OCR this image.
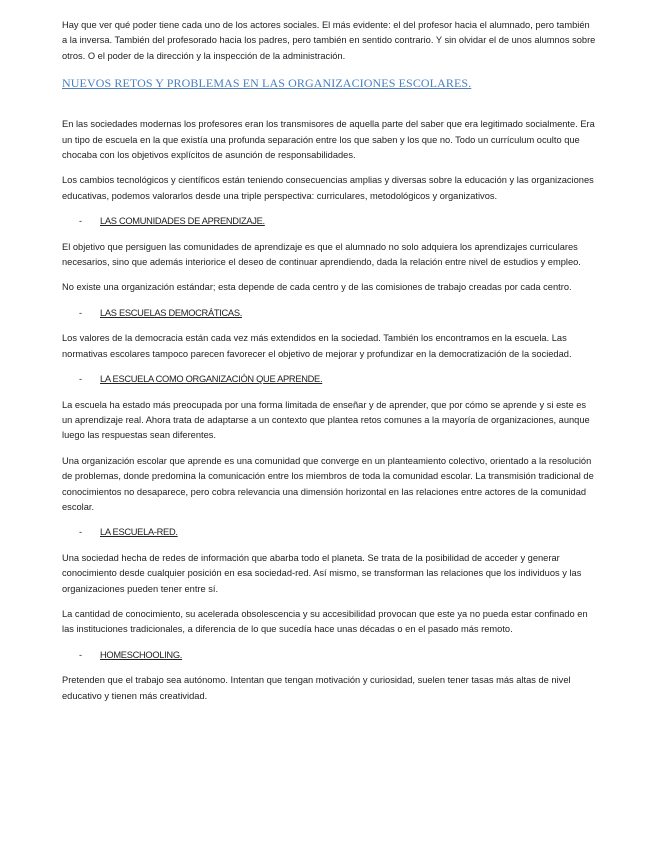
Hay que ver qué poder tiene cada uno de los actores sociales. El más evidente: el del profesor hacia el alumnado, pero también a la inversa. También del profesorado hacia los padres, pero también en sentido contrario. Y sin olvidar el de unos alumnos sobre otros. O el poder de la dirección y la inspección de la administración.

NUEVOS RETOS Y PROBLEMAS EN LAS ORGANIZACIONES ESCOLARES.

En las sociedades modernas los profesores eran los transmisores de aquella parte del saber que era legitimado socialmente. Era un tipo de escuela en la que existía una profunda separación entre los que saben y los que no. Todo un currículum oculto que chocaba con los objetivos explícitos de asunción de responsabilidades.

Los cambios tecnológicos y científicos están teniendo consecuencias amplias y diversas sobre la educación y las organizaciones educativas, podemos valorarlos desde una triple perspectiva: curriculares, metodológicos y organizativos.

-	LAS COMUNIDADES DE APRENDIZAJE.

El objetivo que persiguen las comunidades de aprendizaje es que el alumnado no solo adquiera los aprendizajes curriculares necesarios, sino que además interiorice el deseo de continuar aprendiendo, dada la relación entre nivel de estudios y empleo.

No existe una organización estándar; esta depende de cada centro y de las comisiones de trabajo creadas por cada centro.

-	LAS ESCUELAS DEMOCRÁTICAS.

Los valores de la democracia están cada vez más extendidos en la sociedad. También los encontramos en la escuela. Las normativas escolares tampoco parecen favorecer el objetivo de mejorar y profundizar en la democratización de la sociedad.

-	LA ESCUELA COMO ORGANIZACIÓN QUE APRENDE.

La escuela ha estado más preocupada por una forma limitada de enseñar y de aprender, que por cómo se aprende y si este es un aprendizaje real. Ahora trata de adaptarse a un contexto que plantea retos comunes a la mayoría de organizaciones, aunque luego las respuestas sean diferentes.

Una organización escolar que aprende es una comunidad que converge en un planteamiento colectivo, orientado a la resolución de problemas, donde predomina la comunicación entre los miembros de toda la comunidad escolar. La transmisión tradicional de conocimientos no desaparece, pero cobra relevancia una dimensión horizontal en las relaciones entre actores de la comunidad escolar.

-	LA ESCUELA-RED.

Una sociedad hecha de redes de información que abarba todo el planeta. Se trata de la posibilidad de acceder y generar conocimiento desde cualquier posición en esa sociedad-red. Así mismo, se transforman las relaciones que los individuos y las organizaciones pueden tener entre sí.

La cantidad de conocimiento, su acelerada obsolescencia y su accesibilidad provocan que este ya no pueda estar confinado en las instituciones tradicionales, a diferencia de lo que sucedía hace unas décadas o en el pasado más remoto.

-	HOMESCHOOLING.

Pretenden que el trabajo sea autónomo. Intentan que tengan motivación y curiosidad, suelen tener tasas más altas de nivel educativo y tienen más creatividad.
